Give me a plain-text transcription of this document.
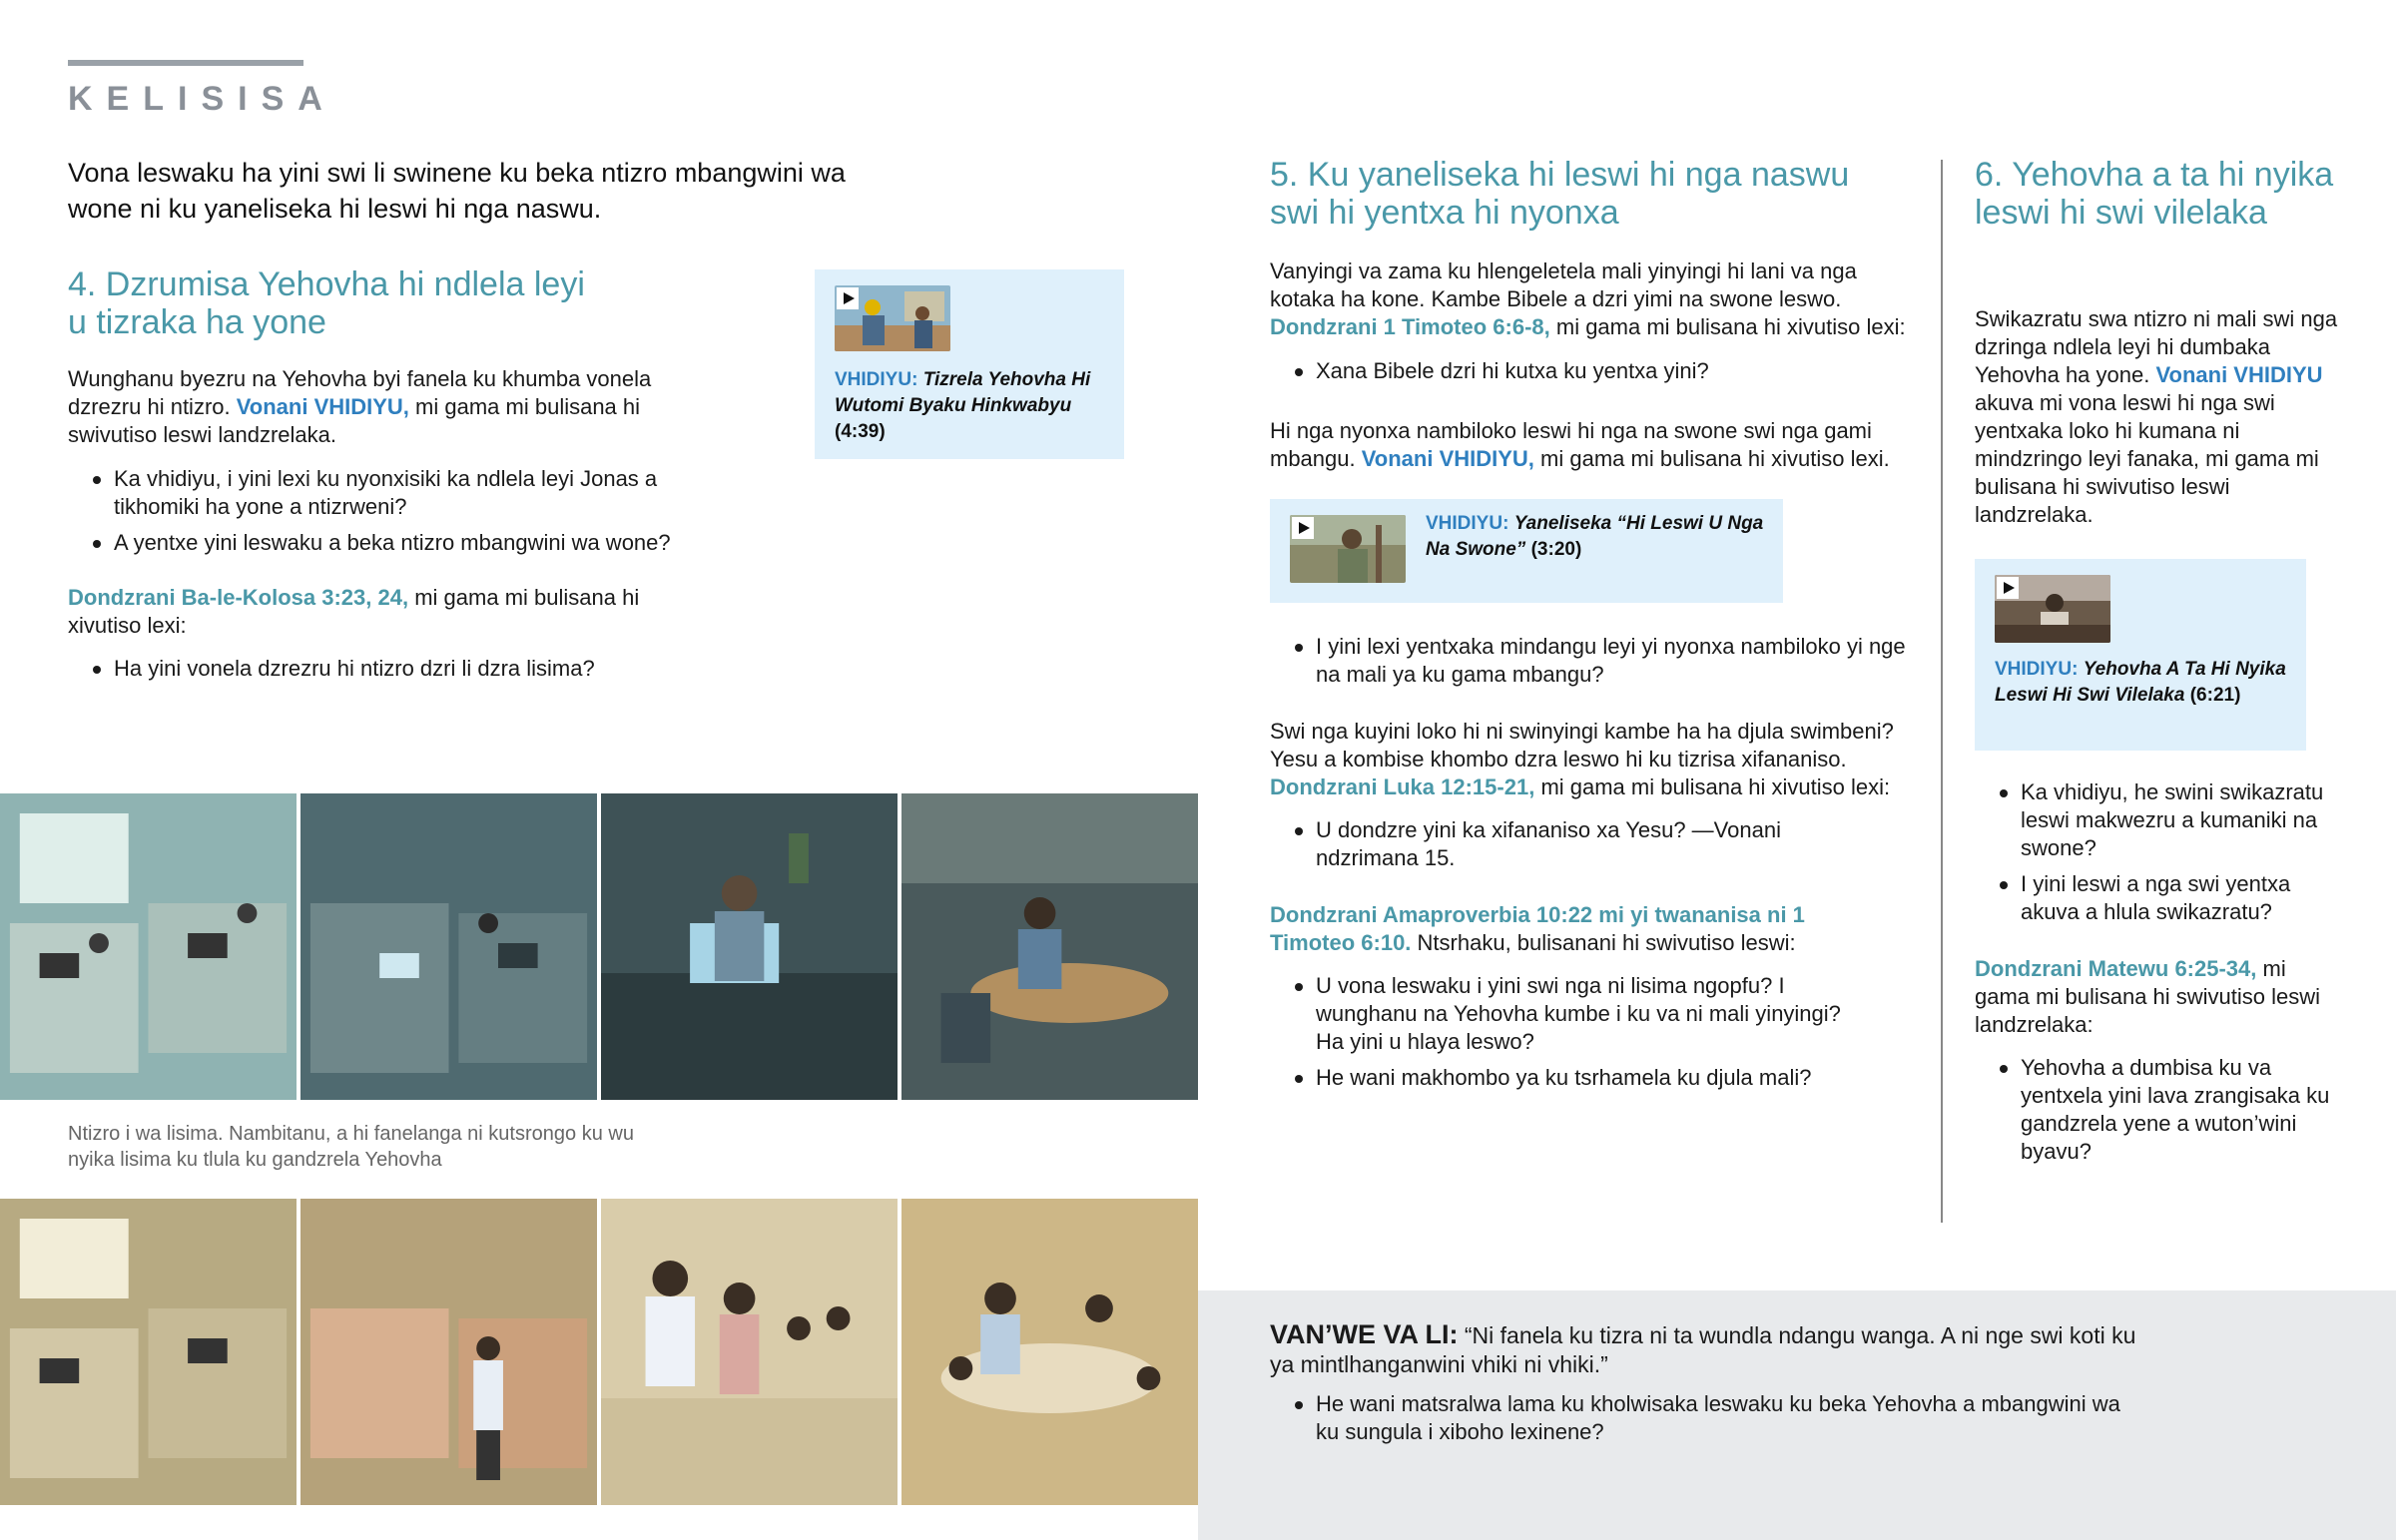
KELISISA
Vona leswaku ha yini swi li swinene ku beka ntizro mbangwini wa wone ni ku yaneliseka hi leswi hi nga naswu.
4. Dzrumisa Yehovha hi ndlela leyi u tizraka ha yone

Wunghanu byezru na Yehovha byi fanela ku khumba vonela dzrezru hi ntizro. Vonani VHIDIYU, mi gama mi bulisana hi swivutiso leswi landzrelaka.

Ka vhidiyu, i yini lexi ku nyonxisiki ka ndlela leyi Jonas a tikhomiki ha yone a ntizrweni?
A yentxe yini leswaku a beka ntizro mbangwini wa wone?

Dondzrani Ba-le-Kolosa 3:23, 24, mi gama mi bulisana hi xivutiso lexi:

Ha yini vonela dzrezru hi ntizro dzri li dzra lisima?
VHIDIYU: Tizrela Yehovha Hi Wutomi Byaku Hinkwabyu (4:39)
Ntizro i wa lisima. Nambitanu, a hi fanelanga ni kutsrongo ku wu nyika lisima ku tlula ku gandzrela Yehovha
5. Ku yaneliseka hi leswi hi nga naswu swi hi yentxa hi nyonxa

Vanyingi va zama ku hlengeletela mali yinyingi hi lani va nga kotaka ha kone. Kambe Bibele a dzri yimi na swone leswo. Dondzrani 1 Timoteo 6:6-8, mi gama mi bulisana hi xivutiso lexi:

Xana Bibele dzri hi kutxa ku yentxa yini?

Hi nga nyonxa nambiloko leswi hi nga na swone swi nga gami mbangu. Vonani VHIDIYU, mi gama mi bulisana hi xivutiso lexi.

VHIDIYU: Yaneliseka “Hi Leswi U Nga Na Swone” (3:20)
I yini lexi yentxaka mindangu leyi yi nyonxa nambiloko yi nge na mali ya ku gama mbangu?

Swi nga kuyini loko hi ni swinyingi kambe ha ha djula swimbeni? Yesu a kombise khombo dzra leswo hi ku tizrisa xifananiso. Dondzrani Luka 12:15-21, mi gama mi bulisana hi xivutiso lexi:

U dondzre yini ka xifananiso xa Yesu? —Vonani ndzrimana 15.

Dondzrani Amaproverbia 10:22 mi yi twananisa ni 1 Timoteo 6:10. Ntsrhaku, bulisanani hi swivutiso leswi:

U vona leswaku i yini swi nga ni lisima ngopfu? I wunghanu na Yehovha kumbe i ku va ni mali yinyingi? Ha yini u hlaya leswo?
He wani makhombo ya ku tsrhamela ku djula mali?
6. Yehovha a ta hi nyika leswi hi swi vilelaka

Swikazratu swa ntizro ni mali swi nga dzringa ndlela leyi hi dumbaka Yehovha ha yone. Vonani VHIDIYU akuva mi vona leswi hi nga swi yentxaka loko hi kumana ni mindzringo leyi fanaka, mi gama mi bulisana hi swivutiso leswi landzrelaka.

VHIDIYU: Yehovha A Ta Hi Nyika Leswi Hi Swi Vilelaka (6:21)
Ka vhidiyu, he swini swikazratu leswi makwezru a kumaniki na swone?
I yini leswi a nga swi yentxa akuva a hlula swikazratu?

Dondzrani Matewu 6:25-34, mi gama mi bulisana hi swivutiso leswi landzrelaka:

Yehovha a dumbisa ku va yentxela yini lava zrangisaka ku gandzrela yene a wuton’wini byavu?

VAN’WE VA LI: “Ni fanela ku tizra ni ta wundla ndangu wanga. A ni nge swi koti ku ya mintlhanganwini vhiki ni vhiki.”

He wani matsralwa lama ku kholwisaka leswaku ku beka Yehovha a mbangwini wa ku sungula i xiboho lexinene?
